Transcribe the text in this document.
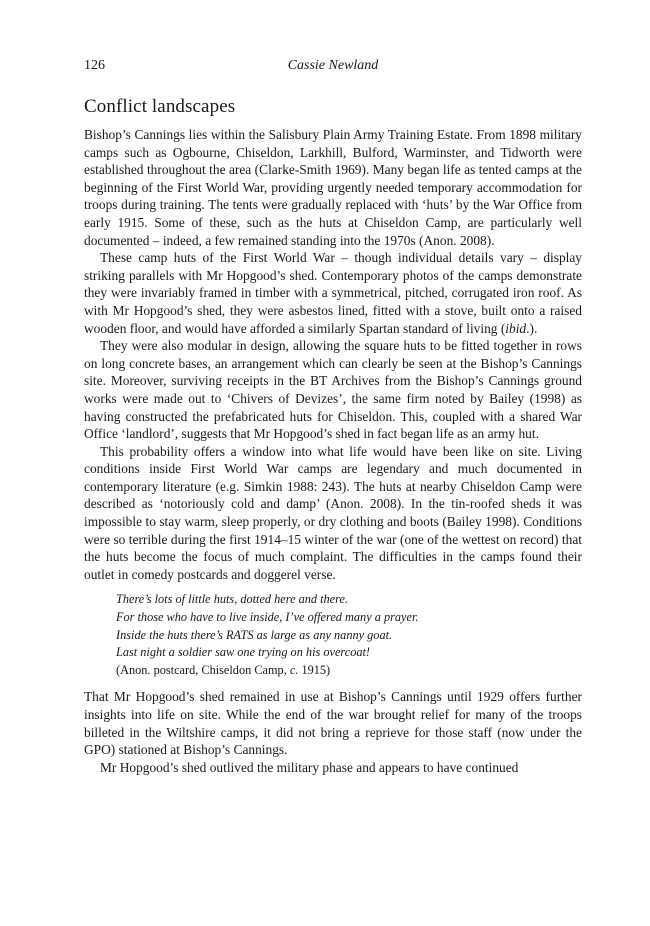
126	Cassie Newland
Conflict landscapes

Bishop’s Cannings lies within the Salisbury Plain Army Training Estate. From 1898 military camps such as Ogbourne, Chiseldon, Larkhill, Bulford, Warminster, and Tidworth were established throughout the area (Clarke-Smith 1969). Many began life as tented camps at the beginning of the First World War, providing urgently needed temporary accommodation for troops during training. The tents were gradually replaced with ‘huts’ by the War Office from early 1915. Some of these, such as the huts at Chiseldon Camp, are particularly well documented – indeed, a few remained standing into the 1970s (Anon. 2008).

These camp huts of the First World War – though individual details vary – display striking parallels with Mr Hopgood’s shed. Contemporary photos of the camps demonstrate they were invariably framed in timber with a symmetrical, pitched, corrugated iron roof. As with Mr Hopgood’s shed, they were asbestos lined, fitted with a stove, built onto a raised wooden floor, and would have afforded a similarly Spartan standard of living (ibid.).

They were also modular in design, allowing the square huts to be fitted together in rows on long concrete bases, an arrangement which can clearly be seen at the Bishop’s Cannings site. Moreover, surviving receipts in the BT Archives from the Bishop’s Cannings ground works were made out to ‘Chivers of Devizes’, the same firm noted by Bailey (1998) as having constructed the prefabricated huts for Chiseldon. This, coupled with a shared War Office ‘landlord’, suggests that Mr Hopgood’s shed in fact began life as an army hut.

This probability offers a window into what life would have been like on site. Living conditions inside First World War camps are legendary and much documented in contemporary literature (e.g. Simkin 1988: 243). The huts at nearby Chiseldon Camp were described as ‘notoriously cold and damp’ (Anon. 2008). In the tin-roofed sheds it was impossible to stay warm, sleep properly, or dry clothing and boots (Bailey 1998). Conditions were so terrible during the first 1914–15 winter of the war (one of the wettest on record) that the huts become the focus of much complaint. The difficulties in the camps found their outlet in comedy postcards and doggerel verse.

There’s lots of little huts, dotted here and there.
For those who have to live inside, I’ve offered many a prayer.
Inside the huts there’s RATS as large as any nanny goat.
Last night a soldier saw one trying on his overcoat!
(Anon. postcard, Chiseldon Camp, c. 1915)

That Mr Hopgood’s shed remained in use at Bishop’s Cannings until 1929 offers further insights into life on site. While the end of the war brought relief for many of the troops billeted in the Wiltshire camps, it did not bring a reprieve for those staff (now under the GPO) stationed at Bishop’s Cannings.

Mr Hopgood’s shed outlived the military phase and appears to have continued
